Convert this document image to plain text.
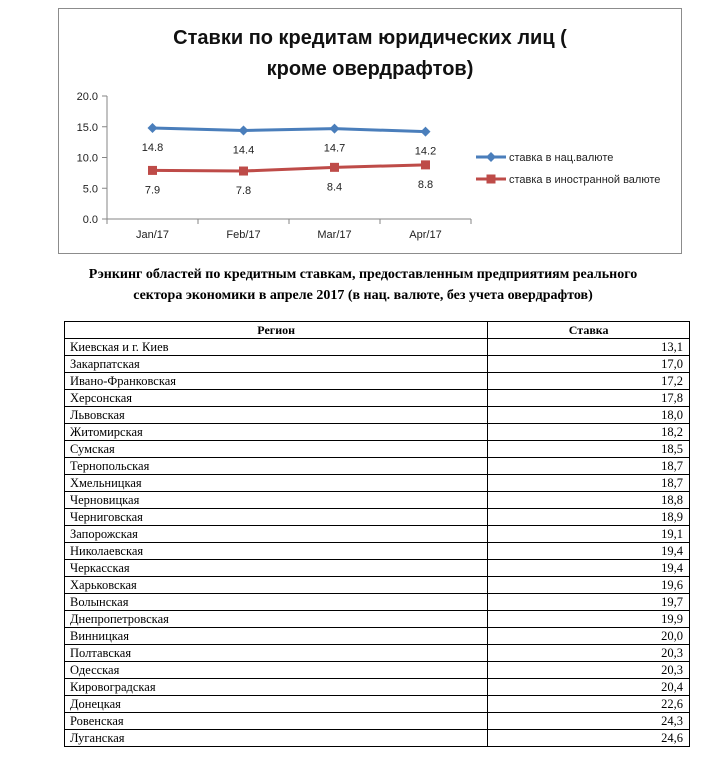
Ставки по кредитам юридических лиц (
кроме овердрафтов)
0.0
5.0
10.0
15.0
20.0
Jan/17	Feb/17	Mar/17	Apr/17
14.8	14.4	14.7	14.2
7.9	7.8	8.4	8.8
ставка в нац.валюте
ставка в иностранной валюте
Рэнкинг областей по кредитным ставкам, предоставленным предприятиям реального
сектора экономики в апреле 2017 (в нац. валюте, без учета овердрафтов)
Регион	Ставка
Киевская и г. Киев	13,1
Закарпатская	17,0
Ивано-Франковская	17,2
Херсонская	17,8
Львовская	18,0
Житомирская	18,2
Сумская	18,5
Тернопольская	18,7
Хмельницкая	18,7
Черновицкая	18,8
Черниговская	18,9
Запорожская	19,1
Николаевская	19,4
Черкасская	19,4
Харьковская	19,6
Волынская	19,7
Днепропетровская	19,9
Винницкая	20,0
Полтавская	20,3
Одесская	20,3
Кировоградская	20,4
Донецкая	22,6
Ровенская	24,3
Луганская	24,6
